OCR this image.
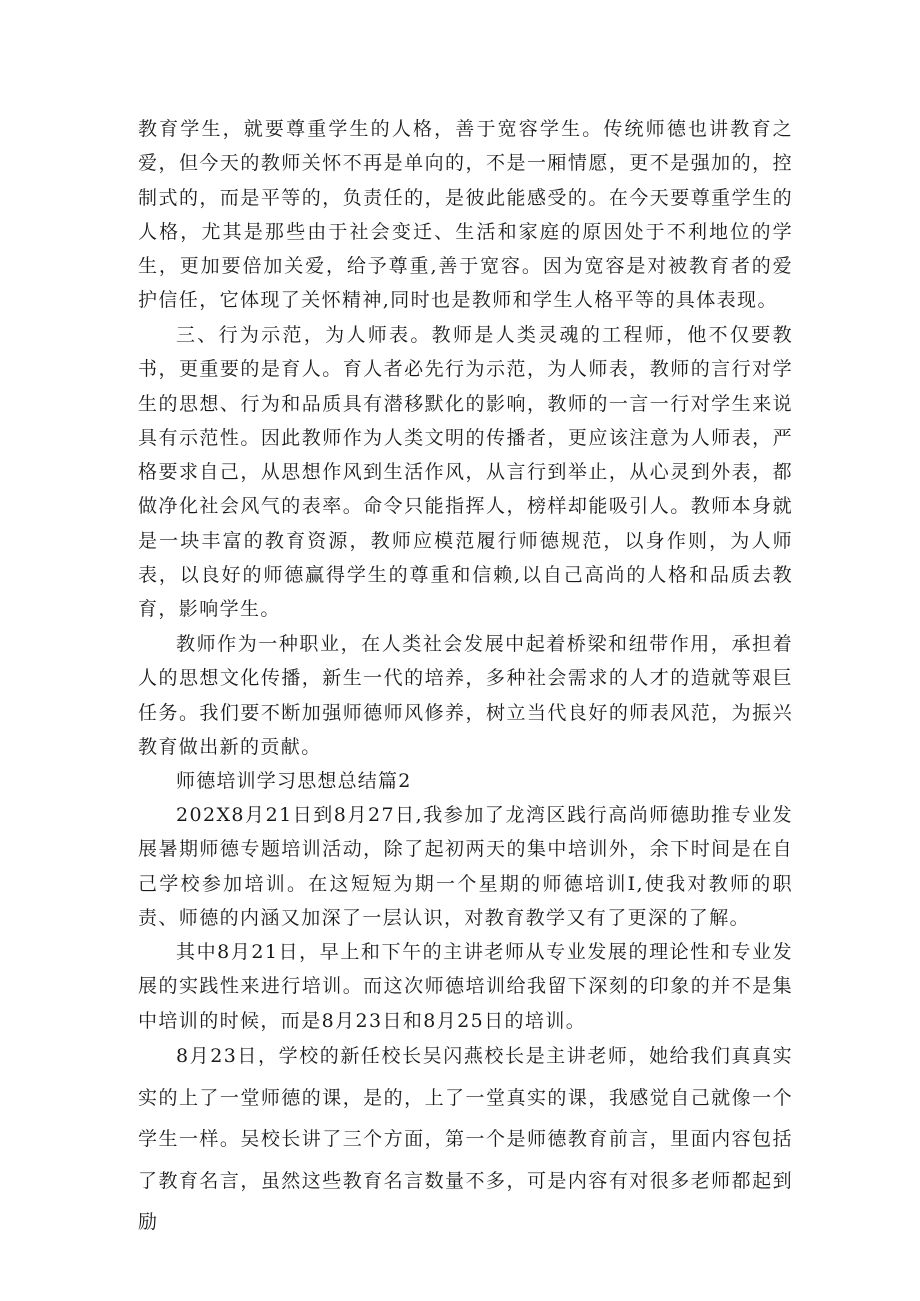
教育学生，就要尊重学生的人格，善于宽容学生。传统师德也讲教育之爱，但今天的教师关怀不再是单向的，不是一厢情愿，更不是强加的，控制式的，而是平等的，负责任的，是彼此能感受的。在今天要尊重学生的人格，尤其是那些由于社会变迁、生活和家庭的原因处于不利地位的学生，更加要倍加关爱，给予尊重,善于宽容。因为宽容是对被教育者的爱护信任，它体现了关怀精神,同时也是教师和学生人格平等的具体表现。

三、行为示范，为人师表。教师是人类灵魂的工程师，他不仅要教书，更重要的是育人。育人者必先行为示范，为人师表，教师的言行对学生的思想、行为和品质具有潜移默化的影响，教师的一言一行对学生来说具有示范性。因此教师作为人类文明的传播者，更应该注意为人师表，严格要求自己，从思想作风到生活作风，从言行到举止，从心灵到外表，都做净化社会风气的表率。命令只能指挥人，榜样却能吸引人。教师本身就是一块丰富的教育资源，教师应模范履行师德规范，以身作则，为人师表，以良好的师德赢得学生的尊重和信赖,以自己高尚的人格和品质去教育，影响学生。

教师作为一种职业，在人类社会发展中起着桥梁和纽带作用，承担着人的思想文化传播，新生一代的培养，多种社会需求的人才的造就等艰巨任务。我们要不断加强师德师风修养，树立当代良好的师表风范，为振兴教育做出新的贡献。

师德培训学习思想总结篇2

202X8月21日到8月27日,我参加了龙湾区践行高尚师德助推专业发展暑期师德专题培训活动，除了起初两天的集中培训外，余下时间是在自己学校参加培训。在这短短为期一个星期的师德培训I,使我对教师的职责、师德的内涵又加深了一层认识，对教育教学又有了更深的了解。

其中8月21日，早上和下午的主讲老师从专业发展的理论性和专业发展的实践性来进行培训。而这次师德培训给我留下深刻的印象的并不是集中培训的时候，而是8月23日和8月25日的培训。

8月23日，学校的新任校长吴闪燕校长是主讲老师，她给我们真真实实的上了一堂师德的课，是的，上了一堂真实的课，我感觉自己就像一个学生一样。吴校长讲了三个方面，第一个是师德教育前言，里面内容包括了教育名言，虽然这些教育名言数量不多，可是内容有对很多老师都起到励
